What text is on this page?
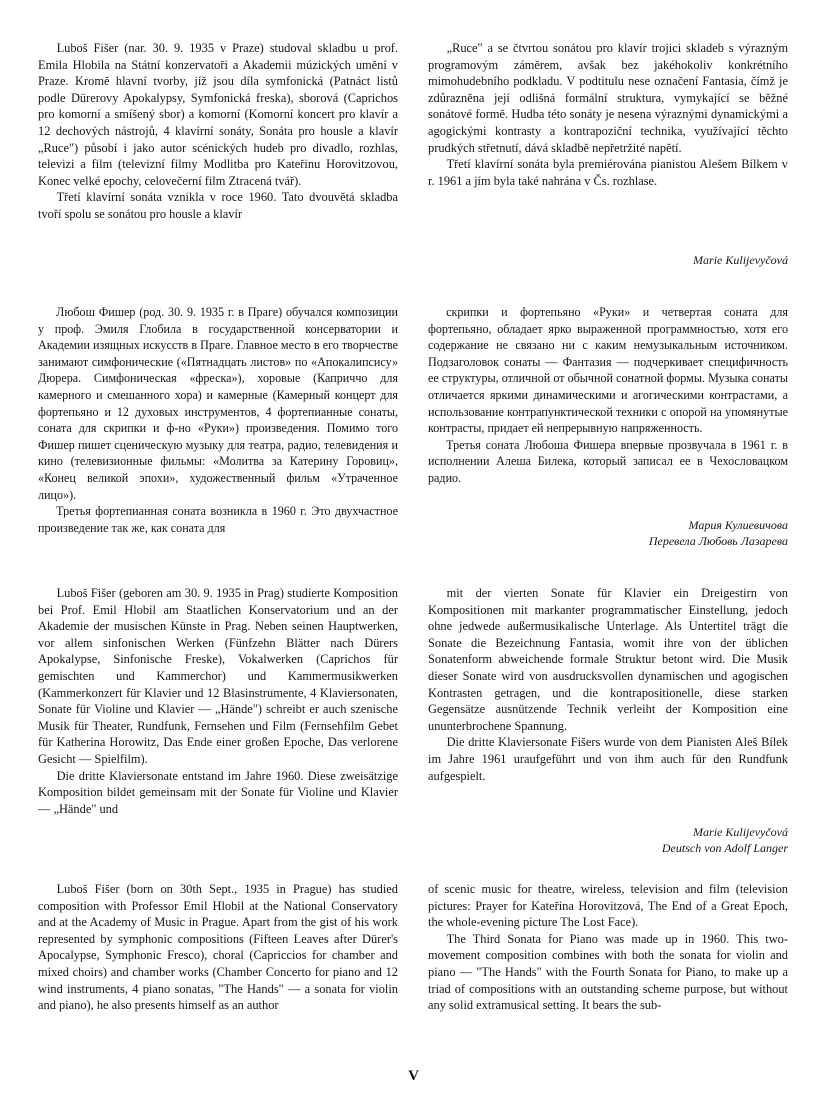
Luboš Fišer (nar. 30. 9. 1935 v Praze) studoval skladbu u prof. Emila Hlobila na Státní konzervatoři a Akademii múzických umění v Praze. Kromě hlavní tvorby, jíž jsou díla symfonická (Patnáct listů podle Dürerovy Apokalypsy, Symfonická freska), sborová (Caprichos pro komorní a smíšený sbor) a komorní (Komorní koncert pro klavír a 12 dechových nástrojů, 4 klavírní sonáty, Sonáta pro housle a klavír „Ruce") působí i jako autor scénických hudeb pro divadlo, rozhlas, televizi a film (televizní filmy Modlitba pro Kateřinu Horovitzovou, Konec velké epochy, celovečerní film Ztracená tvář).

Třetí klavírní sonáta vznikla v roce 1960. Tato dvouvětá skladba tvoří spolu se sonátou pro housle a klavír

„Ruce" a se čtvrtou sonátou pro klavír trojici skladeb s výrazným programovým záměrem, avšak bez jakéhokoliv konkrétního mimohudebního podkladu. V podtitulu nese označení Fantasia, čímž je zdůrazněna její odlišná formální struktura, vymykající se běžné sonátové formě. Hudba této sonáty je nesena výraznými dynamickými a agogickými kontrasty a kontrapoziční technika, využívající těchto prudkých střetnutí, dává skladbě nepřetržité napětí.

Třetí klavírní sonáta byla premiérována pianistou Alešem Bílkem v r. 1961 a jím byla také nahrána v Čs. rozhlase.

Marie Kulijevyčová

Любош Фишер (род. 30. 9. 1935 г. в Праге) обучался композиции у проф. Эмиля Глобила в государственной консерватории и Академии изящных искусств в Праге. Главное место в его творчестве занимают симфонические («Пятнадцать листов» по «Апокалипсису» Дюрера. Симфоническая «фреска»), хоровые (Каприччо для камерного и смешанного хора) и камерные (Камерный концерт для фортепьяно и 12 духовых инструментов, 4 фортепианные сонаты, соната для скрипки и ф-но «Руки») произведения. Помимо того Фишер пишет сценическую музыку для театра, радио, телевидения и кино (телевизионные фильмы: «Молитва за Катерину Горовиц», «Конец великой эпохи», художественный фильм «Утраченное лицо»).

Третья фортепианная соната возникла в 1960 г. Это двухчастное произведение так же, как соната для

скрипки и фортепьяно «Руки» и четвертая соната для фортепьяно, обладает ярко выраженной программностью, хотя его содержание не связано ни с каким немузыкальным источником. Подзаголовок сонаты — Фантазия — подчеркивает специфичность ее структуры, отличной от обычной сонатной формы. Музыка сонаты отличается яркими динамическими и агогическими контрастами, а использование контрапунктической техники с опорой на упомянутые контрасты, придает ей непрерывную напряженность.

Третья соната Любоша Фишера впервые прозвучала в 1961 г. в исполнении Алеша Билека, который записал ее в Чехословацком радио.

Мария Кулиевичова
Перевела Любовь Лазарева

Luboš Fišer (geboren am 30. 9. 1935 in Prag) studierte Komposition bei Prof. Emil Hlobil am Staatlichen Konservatorium und an der Akademie der musischen Künste in Prag. Neben seinen Hauptwerken, vor allem sinfonischen Werken (Fünfzehn Blätter nach Dürers Apokalypse, Sinfonische Freske), Vokalwerken (Caprichos für gemischten und Kammerchor) und Kammermusikwerken (Kammerkonzert für Klavier und 12 Blasinstrumente, 4 Klaviersonaten, Sonate für Violine und Klavier — „Hände") schreibt er auch szenische Musik für Theater, Rundfunk, Fernsehen und Film (Fernsehfilm Gebet für Katherina Horowitz, Das Ende einer großen Epoche, Das verlorene Gesicht — Spielfilm).

Die dritte Klaviersonate entstand im Jahre 1960. Diese zweisätzige Komposition bildet gemeinsam mit der Sonate für Violine und Klavier — „Hände" und

mit der vierten Sonate für Klavier ein Dreigestirn von Kompositionen mit markanter programmatischer Einstellung, jedoch ohne jedwede außermusikalische Unterlage. Als Untertitel trägt die Sonate die Bezeichnung Fantasia, womit ihre von der üblichen Sonatenform abweichende formale Struktur betont wird. Die Musik dieser Sonate wird von ausdrucksvollen dynamischen und agogischen Kontrasten getragen, und die kontrapositionelle, diese starken Gegensätze ausnützende Technik verleiht der Komposition eine ununterbrochene Spannung.

Die dritte Klaviersonate Fišers wurde von dem Pianisten Aleš Bílek im Jahre 1961 uraufgeführt und von ihm auch für den Rundfunk aufgespielt.

Marie Kulijevyčová
Deutsch von Adolf Langer

Luboš Fišer (born on 30th Sept., 1935 in Prague) has studied composition with Professor Emil Hlobil at the National Conservatory and at the Academy of Music in Prague. Apart from the gist of his work represented by symphonic compositions (Fifteen Leaves after Dürer's Apocalypse, Symphonic Fresco), choral (Capriccios for chamber and mixed choirs) and chamber works (Chamber Concerto for piano and 12 wind instruments, 4 piano sonatas, "The Hands" — a sonata for violin and piano), he also presents himself as an author

of scenic music for theatre, wireless, television and film (television pictures: Prayer for Kateřina Horovitzová, The End of a Great Epoch, the whole-evening picture The Lost Face).

The Third Sonata for Piano was made up in 1960. This two-movement composition combines with both the sonata for violin and piano — "The Hands" with the Fourth Sonata for Piano, to make up a triad of compositions with an outstanding scheme purpose, but without any solid extramusical setting. It bears the sub-

V
